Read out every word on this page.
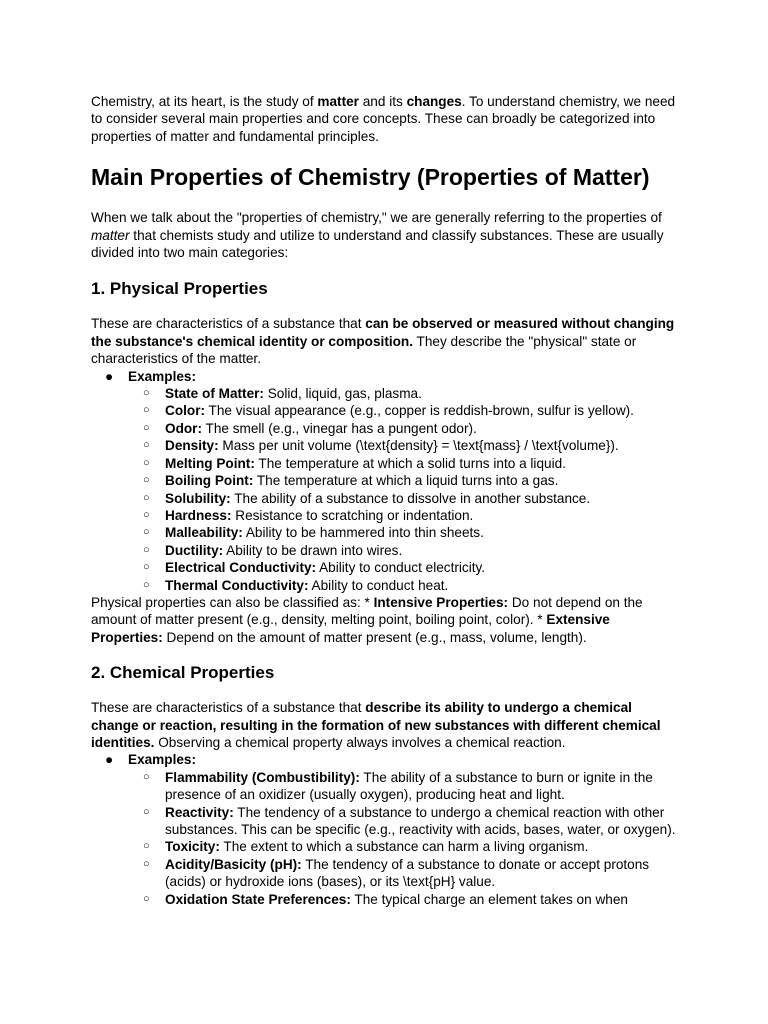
Chemistry, at its heart, is the study of matter and its changes. To understand chemistry, we need to consider several main properties and core concepts. These can broadly be categorized into properties of matter and fundamental principles.

Main Properties of Chemistry (Properties of Matter)

When we talk about the "properties of chemistry," we are generally referring to the properties of matter that chemists study and utilize to understand and classify substances. These are usually divided into two main categories:

1. Physical Properties

These are characteristics of a substance that can be observed or measured without changing the substance's chemical identity or composition. They describe the "physical" state or characteristics of the matter.

● Examples:
○ State of Matter: Solid, liquid, gas, plasma.
○ Color: The visual appearance (e.g., copper is reddish-brown, sulfur is yellow).
○ Odor: The smell (e.g., vinegar has a pungent odor).
○ Density: Mass per unit volume (\text{density} = \text{mass} / \text{volume}).
○ Melting Point: The temperature at which a solid turns into a liquid.
○ Boiling Point: The temperature at which a liquid turns into a gas.
○ Solubility: The ability of a substance to dissolve in another substance.
○ Hardness: Resistance to scratching or indentation.
○ Malleability: Ability to be hammered into thin sheets.
○ Ductility: Ability to be drawn into wires.
○ Electrical Conductivity: Ability to conduct electricity.
○ Thermal Conductivity: Ability to conduct heat.

Physical properties can also be classified as: * Intensive Properties: Do not depend on the amount of matter present (e.g., density, melting point, boiling point, color). * Extensive Properties: Depend on the amount of matter present (e.g., mass, volume, length).

2. Chemical Properties

These are characteristics of a substance that describe its ability to undergo a chemical change or reaction, resulting in the formation of new substances with different chemical identities. Observing a chemical property always involves a chemical reaction.

● Examples:
○ Flammability (Combustibility): The ability of a substance to burn or ignite in the presence of an oxidizer (usually oxygen), producing heat and light.
○ Reactivity: The tendency of a substance to undergo a chemical reaction with other substances. This can be specific (e.g., reactivity with acids, bases, water, or oxygen).
○ Toxicity: The extent to which a substance can harm a living organism.
○ Acidity/Basicity (pH): The tendency of a substance to donate or accept protons (acids) or hydroxide ions (bases), or its \text{pH} value.
○ Oxidation State Preferences: The typical charge an element takes on when
